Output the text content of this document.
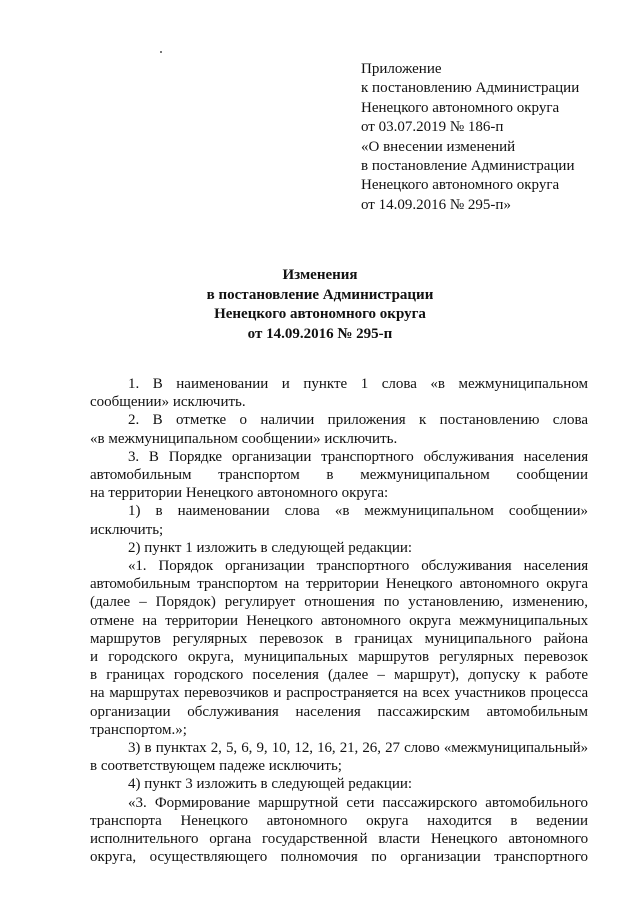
Приложение
к постановлению Администрации
Ненецкого автономного округа
от 03.07.2019 № 186-п
«О внесении изменений
в постановление Администрации
Ненецкого автономного округа
от 14.09.2016 № 295-п»
Изменения
в постановление Администрации
Ненецкого автономного округа
от 14.09.2016 № 295-п
1. В наименовании и пункте 1 слова «в межмуниципальном
сообщении» исключить.
2. В отметке о наличии приложения к постановлению слова
«в межмуниципальном сообщении» исключить.
3. В Порядке организации транспортного обслуживания населения
автомобильным транспортом в межмуниципальном сообщении
на территории Ненецкого автономного округа:
1) в наименовании слова «в межмуниципальном сообщении»
исключить;
2) пункт 1 изложить в следующей редакции:
«1. Порядок организации транспортного обслуживания населения
автомобильным транспортом на территории Ненецкого автономного округа
(далее – Порядок) регулирует отношения по установлению, изменению,
отмене на территории Ненецкого автономного округа межмуниципальных
маршрутов регулярных перевозок в границах муниципального района
и городского округа, муниципальных маршрутов регулярных перевозок
в границах городского поселения (далее – маршрут), допуску к работе
на маршрутах перевозчиков и распространяется на всех участников процесса
организации обслуживания населения пассажирским автомобильным
транспортом.»;
3) в пунктах 2, 5, 6, 9, 10, 12, 16, 21, 26, 27 слово «межмуниципальный»
в соответствующем падеже исключить;
4) пункт 3 изложить в следующей редакции:
«3. Формирование маршрутной сети пассажирского автомобильного
транспорта Ненецкого автономного округа находится в ведении
исполнительного органа государственной власти Ненецкого автономного
округа, осуществляющего полномочия по организации транспортного
